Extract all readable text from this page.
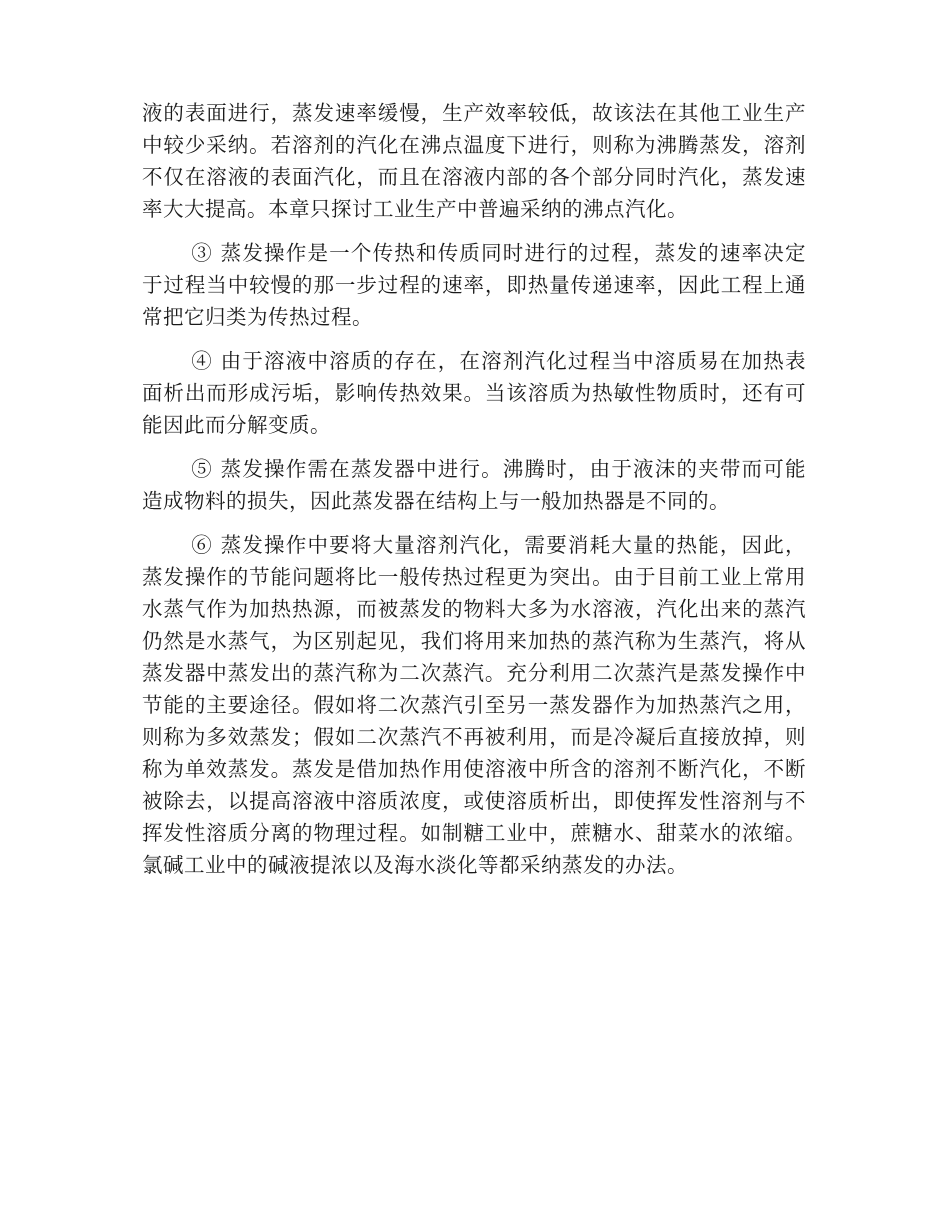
液的表面进行，蒸发速率缓慢，生产效率较低，故该法在其他工业生产中较少采纳。若溶剂的汽化在沸点温度下进行，则称为沸腾蒸发，溶剂不仅在溶液的表面汽化，而且在溶液内部的各个部分同时汽化，蒸发速率大大提高。本章只探讨工业生产中普遍采纳的沸点汽化。

③ 蒸发操作是一个传热和传质同时进行的过程，蒸发的速率决定于过程当中较慢的那一步过程的速率，即热量传递速率，因此工程上通常把它归类为传热过程。

④ 由于溶液中溶质的存在，在溶剂汽化过程当中溶质易在加热表面析出而形成污垢，影响传热效果。当该溶质为热敏性物质时，还有可能因此而分解变质。

⑤ 蒸发操作需在蒸发器中进行。沸腾时，由于液沫的夹带而可能造成物料的损失，因此蒸发器在结构上与一般加热器是不同的。

⑥ 蒸发操作中要将大量溶剂汽化，需要消耗大量的热能，因此，蒸发操作的节能问题将比一般传热过程更为突出。由于目前工业上常用水蒸气作为加热热源，而被蒸发的物料大多为水溶液，汽化出来的蒸汽仍然是水蒸气，为区别起见，我们将用来加热的蒸汽称为生蒸汽，将从蒸发器中蒸发出的蒸汽称为二次蒸汽。充分利用二次蒸汽是蒸发操作中节能的主要途径。假如将二次蒸汽引至另一蒸发器作为加热蒸汽之用，则称为多效蒸发；假如二次蒸汽不再被利用，而是冷凝后直接放掉，则称为单效蒸发。蒸发是借加热作用使溶液中所含的溶剂不断汽化，不断被除去，以提高溶液中溶质浓度，或使溶质析出，即使挥发性溶剂与不挥发性溶质分离的物理过程。如制糖工业中，蔗糖水、甜菜水的浓缩。氯碱工业中的碱液提浓以及海水淡化等都采纳蒸发的办法。
